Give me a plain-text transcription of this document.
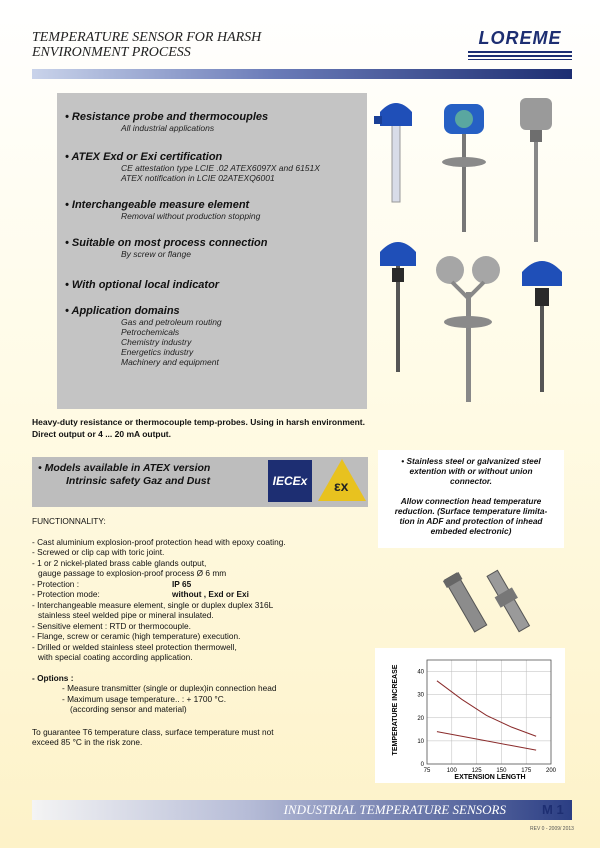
TEMPERATURE SENSOR FOR HARSH
ENVIRONMENT PROCESS
LOREME
• Resistance probe and thermocouples
All industrial applications
• ATEX Exd or Exi certification
CE attestation type LCIE .02 ATEX6097X and 6151X
ATEX notification in LCIE 02ATEXQ6001
• Interchangeable measure element
Removal without production stopping
• Suitable on most process connection
By screw or flange
• With optional local indicator
• Application domains
Gas and petroleum routing
Petrochemicals
Chemistry industry
Energetics industry
Machinery and equipment
Heavy-duty resistance or thermocouple temp-probes. Using in harsh environment.
Direct output or 4 ... 20 mA output.
• Models available in ATEX version
Intrinsic safety Gaz and Dust	IECEx	εx
• Stainless steel or galvanized steel
extention with or without union
connector.
Allow connection head temperature
reduction. (Surface temperature limita-
tion in ADF and protection of inhead
embeded electronic)
FUNCTIONNALITY:
- Cast aluminium explosion-proof protection head with epoxy coating.
- Screwed or clip cap with toric joint.
- 1 or 2 nickel-plated brass cable glands output,
gauge passage to explosion-proof process Ø 6 mm
- Protection :	IP 65
- Protection mode:	without , Exd or Exi
- Interchangeable measure element, single or duplex duplex 316L
stainless steel welded pipe or mineral insulated.
- Sensitive element : RTD or thermocouple.
- Flange, screw or ceramic (high temperature) execution.
- Drilled or welded stainless steel protection thermowell,
with special coating according application.
- Options :
- Measure transmitter (single or duplex)in connection head
- Maximum usage temperature.. : + 1700 °C.
(according sensor and material)
To guarantee T6 temperature class, surface temperature must not
exceed 85 °C in the risk zone.
75	100 125 150 175 200
0
10
20
30
40
EXTENSION LENGTH
TEMPERATURE INCREASE
INDUSTRIAL TEMPERATURE SENSORS	M 1
REV 0 - 2009/ 2013
